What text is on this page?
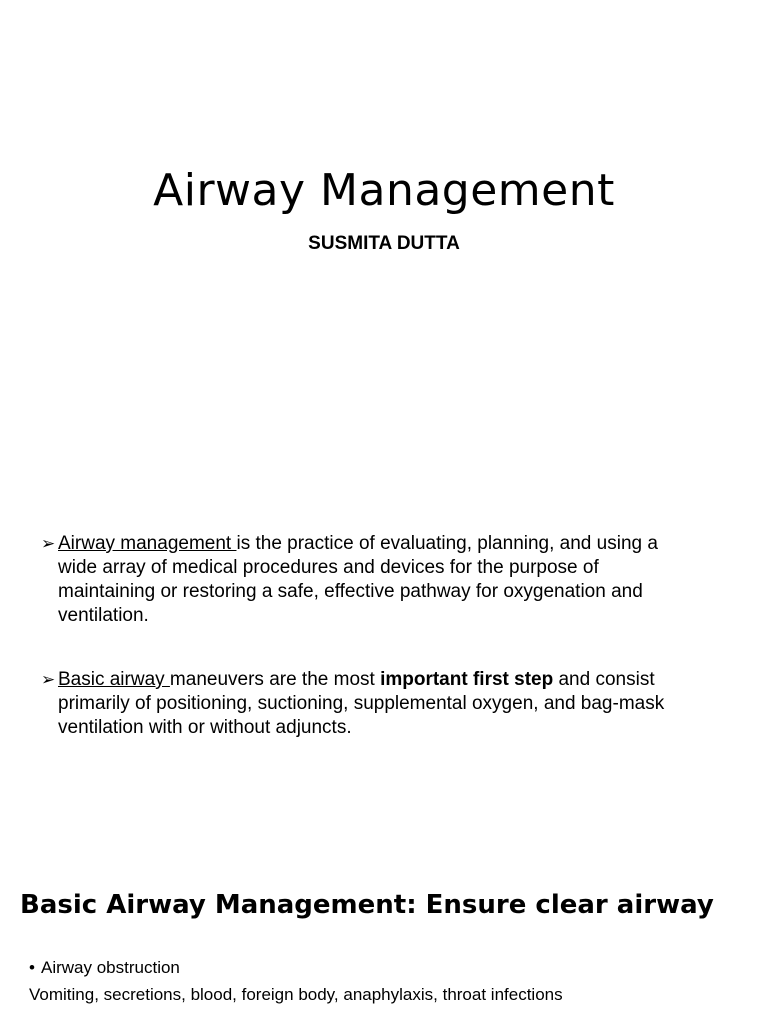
Airway Management
SUSMITA DUTTA
➢ Airway management is the practice of evaluating, planning, and using a wide array of medical procedures and devices for the purpose of maintaining or restoring a safe, effective pathway for oxygenation and ventilation.
➢ Basic airway maneuvers are the most important first step and consist primarily of positioning, suctioning, supplemental oxygen, and bag-mask ventilation with or without adjuncts.
Basic Airway Management: Ensure clear airway
• Airway obstruction
Vomiting, secretions, blood, foreign body, anaphylaxis, throat infections
